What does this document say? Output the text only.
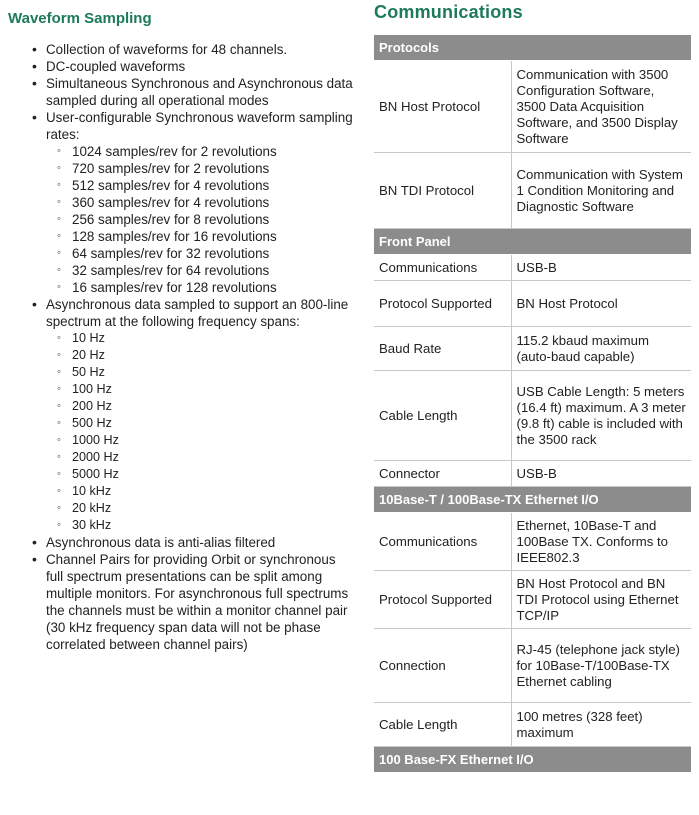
Waveform Sampling
• Collection of waveforms for 48 channels.
• DC-coupled waveforms
• Simultaneous Synchronous and Asynchronous data sampled during all operational modes
• User-configurable Synchronous waveform sampling rates:
◦ 1024 samples/rev for 2 revolutions
◦ 720 samples/rev for 2 revolutions
◦ 512 samples/rev for 4 revolutions
◦ 360 samples/rev for 4 revolutions
◦ 256 samples/rev for 8 revolutions
◦ 128 samples/rev for 16 revolutions
◦ 64 samples/rev for 32 revolutions
◦ 32 samples/rev for 64 revolutions
◦ 16 samples/rev for 128 revolutions
• Asynchronous data sampled to support an 800-line spectrum at the following frequency spans:
◦ 10 Hz
◦ 20 Hz
◦ 50 Hz
◦ 100 Hz
◦ 200 Hz
◦ 500 Hz
◦ 1000 Hz
◦ 2000 Hz
◦ 5000 Hz
◦ 10 kHz
◦ 20 kHz
◦ 30 kHz
• Asynchronous data is anti-alias filtered
• Channel Pairs for providing Orbit or synchronous full spectrum presentations can be split among multiple monitors. For asynchronous full spectrums the channels must be within a monitor channel pair (30 kHz frequency span data will not be phase correlated between channel pairs)
Communications
Protocols	
BN Host Protocol	Communication with 3500 Configuration Software, 3500 Data Acquisition Software, and 3500 Display Software
BN TDI Protocol	Communication with System 1 Condition Monitoring and Diagnostic Software
Front Panel	
Communications	USB-B
Protocol Supported	BN Host Protocol
Baud Rate	115.2 kbaud maximum (auto-baud capable)
Cable Length	USB Cable Length: 5 meters (16.4 ft) maximum. A 3 meter (9.8 ft) cable is included with the 3500 rack
Connector	USB-B
10Base-T / 100Base-TX Ethernet I/O	
Communications	Ethernet, 10Base-T and 100Base TX. Conforms to IEEE802.3
Protocol Supported	BN Host Protocol and BN TDI Protocol using Ethernet TCP/IP
Connection	RJ-45 (telephone jack style) for 10Base-T/100Base-TX Ethernet cabling
Cable Length	100 metres (328 feet) maximum
100 Base-FX Ethernet I/O	
